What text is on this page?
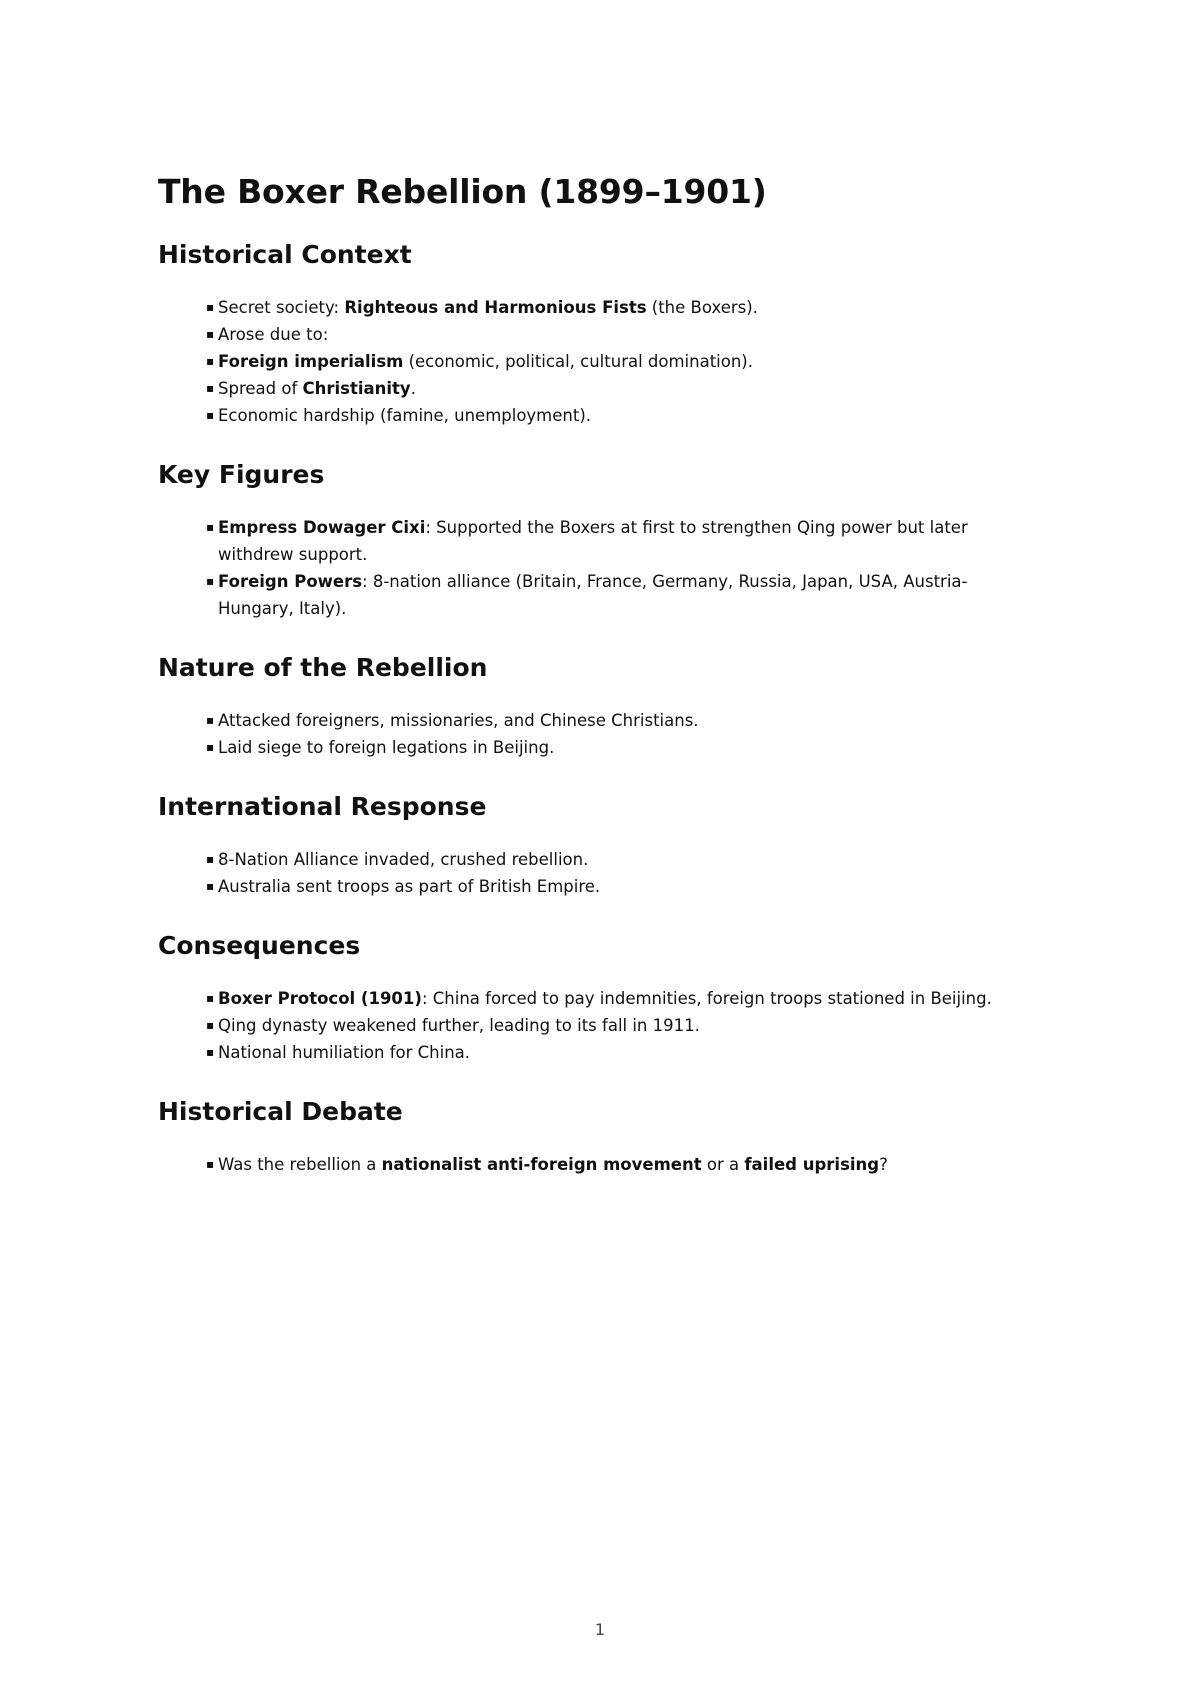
The Boxer Rebellion (1899–1901)
Historical Context
▪ Secret society: Righteous and Harmonious Fists (the Boxers).
▪ Arose due to:
▪ Foreign imperialism (economic, political, cultural domination).
▪ Spread of Christianity.
▪ Economic hardship (famine, unemployment).
Key Figures
▪ Empress Dowager Cixi: Supported the Boxers at first to strengthen Qing power but later withdrew support.
▪ Foreign Powers: 8-nation alliance (Britain, France, Germany, Russia, Japan, USA, Austria-Hungary, Italy).
Nature of the Rebellion
▪ Attacked foreigners, missionaries, and Chinese Christians.
▪ Laid siege to foreign legations in Beijing.
International Response
▪ 8-Nation Alliance invaded, crushed rebellion.
▪ Australia sent troops as part of British Empire.
Consequences
▪ Boxer Protocol (1901): China forced to pay indemnities, foreign troops stationed in Beijing.
▪ Qing dynasty weakened further, leading to its fall in 1911.
▪ National humiliation for China.
Historical Debate
▪ Was the rebellion a nationalist anti-foreign movement or a failed uprising?
1
